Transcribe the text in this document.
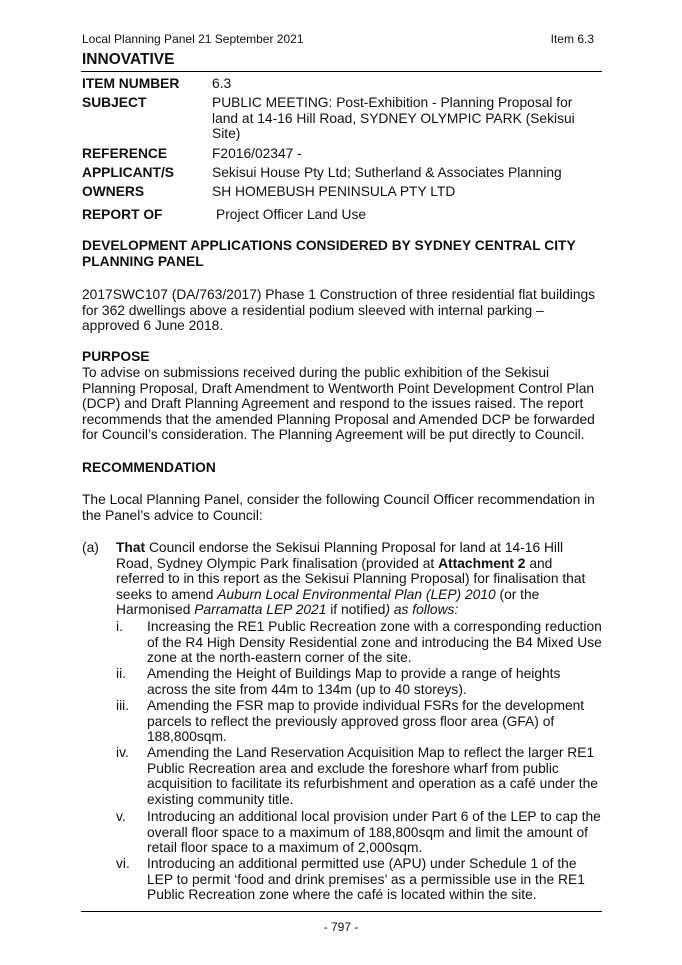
Local Planning Panel 21 September 2021	Item 6.3
INNOVATIVE
ITEM NUMBER 6.3
SUBJECT	PUBLIC MEETING: Post-Exhibition - Planning Proposal for land at 14-16 Hill Road, SYDNEY OLYMPIC PARK (Sekisui Site)
REFERENCE	F2016/02347 -
APPLICANT/S	Sekisui House Pty Ltd; Sutherland & Associates Planning
OWNERS	SH HOMEBUSH PENINSULA PTY LTD
REPORT OF	Project Officer Land Use
DEVELOPMENT APPLICATIONS CONSIDERED BY SYDNEY CENTRAL CITY PLANNING PANEL
2017SWC107 (DA/763/2017) Phase 1 Construction of three residential flat buildings for 362 dwellings above a residential podium sleeved with internal parking – approved 6 June 2018.
PURPOSE
To advise on submissions received during the public exhibition of the Sekisui Planning Proposal, Draft Amendment to Wentworth Point Development Control Plan (DCP) and Draft Planning Agreement and respond to the issues raised. The report recommends that the amended Planning Proposal and Amended DCP be forwarded for Council’s consideration. The Planning Agreement will be put directly to Council.
RECOMMENDATION
The Local Planning Panel, consider the following Council Officer recommendation in the Panel’s advice to Council:
(a) That Council endorse the Sekisui Planning Proposal for land at 14-16 Hill Road, Sydney Olympic Park finalisation (provided at Attachment 2 and referred to in this report as the Sekisui Planning Proposal) for finalisation that seeks to amend Auburn Local Environmental Plan (LEP) 2010 (or the Harmonised Parramatta LEP 2021 if notified) as follows:
i. Increasing the RE1 Public Recreation zone with a corresponding reduction of the R4 High Density Residential zone and introducing the B4 Mixed Use zone at the north-eastern corner of the site.
ii. Amending the Height of Buildings Map to provide a range of heights across the site from 44m to 134m (up to 40 storeys).
iii. Amending the FSR map to provide individual FSRs for the development parcels to reflect the previously approved gross floor area (GFA) of 188,800sqm.
iv. Amending the Land Reservation Acquisition Map to reflect the larger RE1 Public Recreation area and exclude the foreshore wharf from public acquisition to facilitate its refurbishment and operation as a café under the existing community title.
v. Introducing an additional local provision under Part 6 of the LEP to cap the overall floor space to a maximum of 188,800sqm and limit the amount of retail floor space to a maximum of 2,000sqm.
vi. Introducing an additional permitted use (APU) under Schedule 1 of the LEP to permit ‘food and drink premises’ as a permissible use in the RE1 Public Recreation zone where the café is located within the site.
- 797 -
